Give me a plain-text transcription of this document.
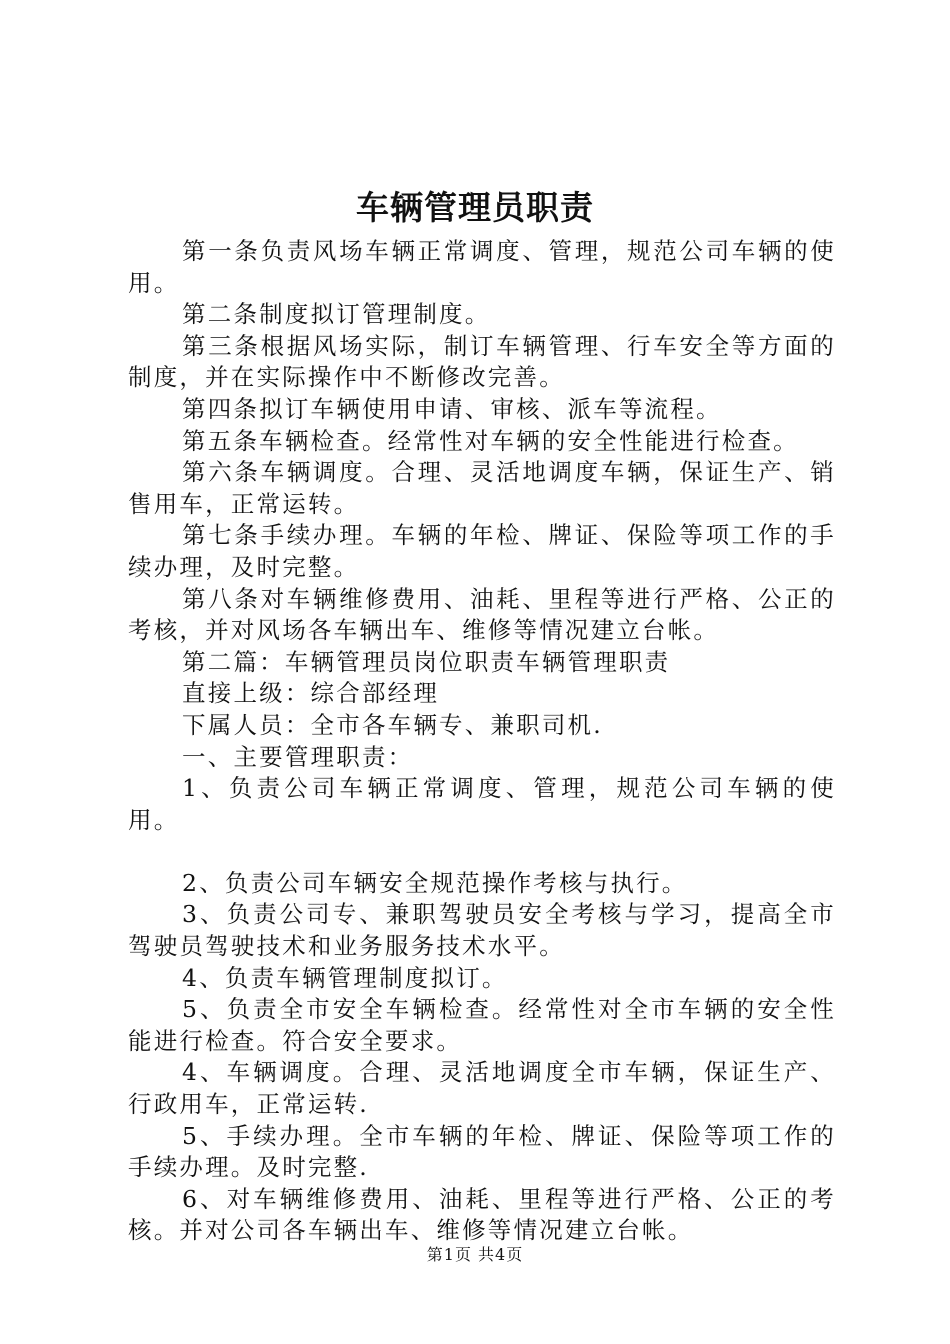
车辆管理员职责

第一条负责风场车辆正常调度、管理，规范公司车辆的使用。

第二条制度拟订管理制度。

第三条根据风场实际，制订车辆管理、行车安全等方面的制度，并在实际操作中不断修改完善。

第四条拟订车辆使用申请、审核、派车等流程。

第五条车辆检查。经常性对车辆的安全性能进行检查。

第六条车辆调度。合理、灵活地调度车辆，保证生产、销售用车，正常运转。

第七条手续办理。车辆的年检、牌证、保险等项工作的手续办理，及时完整。

第八条对车辆维修费用、油耗、里程等进行严格、公正的考核，并对风场各车辆出车、维修等情况建立台帐。

第二篇：车辆管理员岗位职责车辆管理职责

直接上级：综合部经理

下属人员：全市各车辆专、兼职司机.

一、主要管理职责：

1、负责公司车辆正常调度、管理，规范公司车辆的使用。

2、负责公司车辆安全规范操作考核与执行。

3、负责公司专、兼职驾驶员安全考核与学习，提高全市驾驶员驾驶技术和业务服务技术水平。

4、负责车辆管理制度拟订。

5、负责全市安全车辆检查。经常性对全市车辆的安全性能进行检查。符合安全要求。

4、车辆调度。合理、灵活地调度全市车辆，保证生产、行政用车，正常运转.

5、手续办理。全市车辆的年检、牌证、保险等项工作的手续办理。及时完整.

6、对车辆维修费用、油耗、里程等进行严格、公正的考核。并对公司各车辆出车、维修等情况建立台帐。

第1页 共4页
